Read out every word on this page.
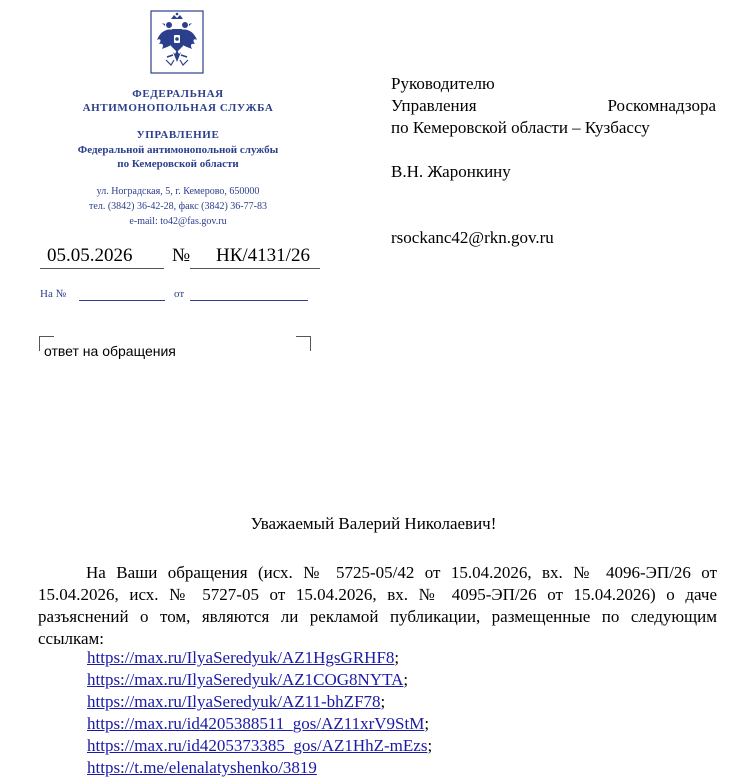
ФЕДЕРАЛЬНАЯ
АНТИМОНОПОЛЬНАЯ СЛУЖБА
УПРАВЛЕНИЕ
Федеральной антимонопольной службы
по Кемеровской области
ул. Ноградская, 5, г. Кемерово, 650000
тел. (3842) 36-42-28, факс (3842) 36-77-83
e-mail: to42@fas.gov.ru
05.05.2026 № НК/4131/26
На №	от
ответ на обращения
Руководителю
Управления	Роскомнадзора
по Кемеровской области – Кузбассу
В.Н. Жаронкину
rsockanc42@rkn.gov.ru
Уважаемый Валерий Николаевич!
На Ваши обращения (исх. № 5725-05/42 от 15.04.2026, вх. № 4096-ЭП/26 от 15.04.2026, исх. № 5727-05 от 15.04.2026, вх. № 4095-ЭП/26 от 15.04.2026) о даче разъяснений о том, являются ли рекламой публикации, размещенные по следующим ссылкам:
https://max.ru/IlyaSeredyuk/AZ1HgsGRHF8;
https://max.ru/IlyaSeredyuk/AZ1COG8NYTA;
https://max.ru/IlyaSeredyuk/AZ11-bhZF78;
https://max.ru/id4205388511_gos/AZ11xrV9StM;
https://max.ru/id4205373385_gos/AZ1HhZ-mEzs;
https://t.me/elenalatyshenko/3819
